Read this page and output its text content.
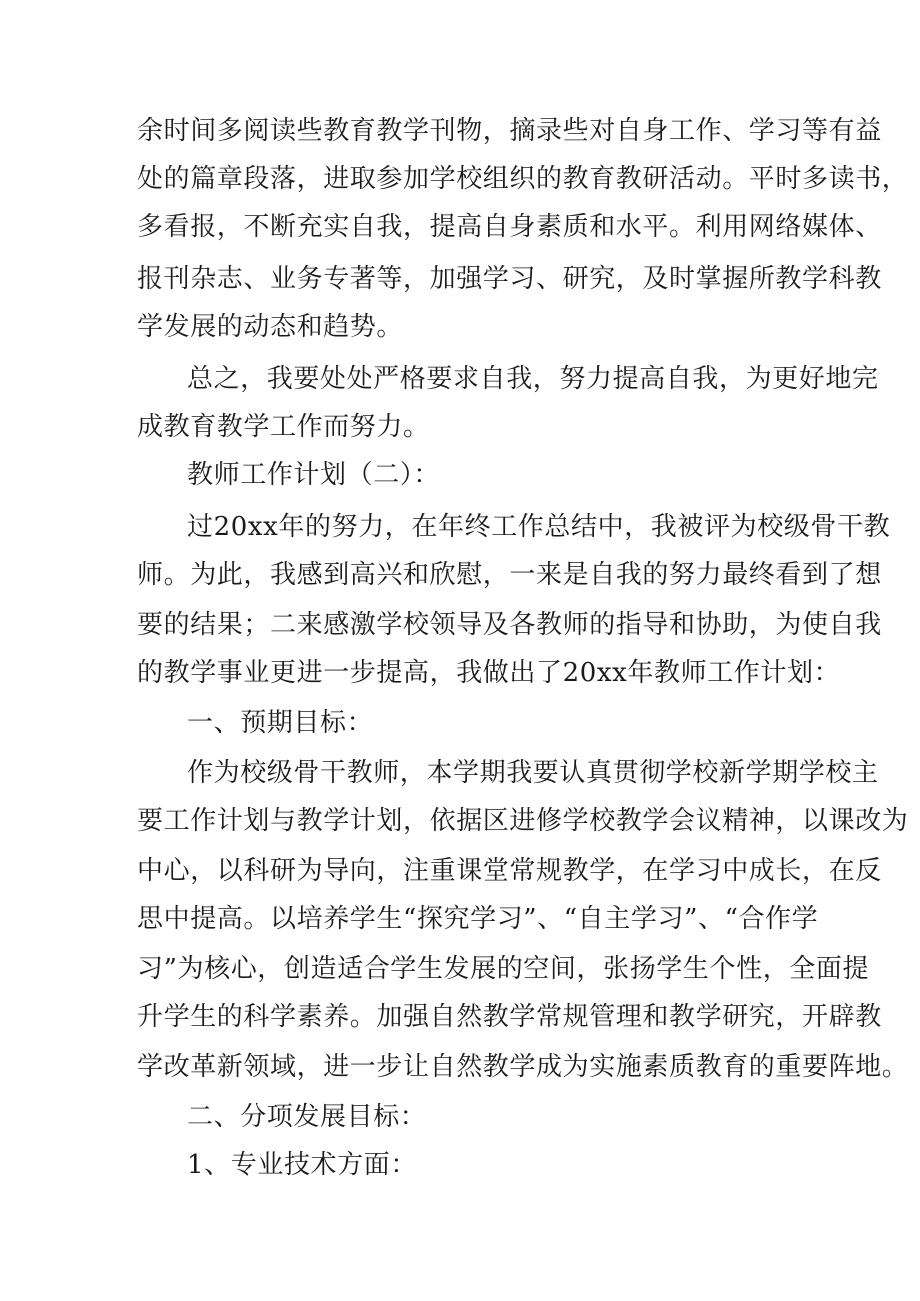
余时间多阅读些教育教学刊物，摘录些对自身工作、学习等有益
处的篇章段落，进取参加学校组织的教育教研活动。平时多读书，
多看报，不断充实自我，提高自身素质和水平。利用网络媒体、
报刊杂志、业务专著等，加强学习、研究，及时掌握所教学科教
学发展的动态和趋势。
总之，我要处处严格要求自我，努力提高自我，为更好地完
成教育教学工作而努力。
教师工作计划（二）：
过20xx年的努力，在年终工作总结中，我被评为校级骨干教
师。为此，我感到高兴和欣慰，一来是自我的努力最终看到了想
要的结果；二来感激学校领导及各教师的指导和协助，为使自我
的教学事业更进一步提高，我做出了20xx年教师工作计划：
一、预期目标：
作为校级骨干教师，本学期我要认真贯彻学校新学期学校主
要工作计划与教学计划，依据区进修学校教学会议精神，以课改为
中心，以科研为导向，注重课堂常规教学，在学习中成长，在反
思中提高。以培养学生“探究学习”、“自主学习”、“合作学
习”为核心，创造适合学生发展的空间，张扬学生个性，全面提
升学生的科学素养。加强自然教学常规管理和教学研究，开辟教
学改革新领域，进一步让自然教学成为实施素质教育的重要阵地。
二、分项发展目标：
1、专业技术方面：
